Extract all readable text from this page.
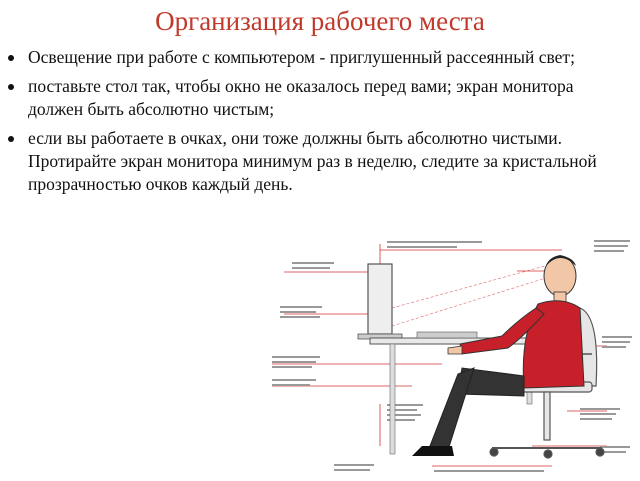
Организация рабочего места
Освещение при работе с компьютером - приглушенный рассеянный свет;
поставьте стол так, чтобы окно не оказалось перед вами; экран монитора должен быть абсолютно чистым;
если вы работаете в очках, они тоже должны быть абсолютно чистыми. Протирайте экран монитора минимум раз в неделю, следите за кристальной прозрачностью очков каждый день.
